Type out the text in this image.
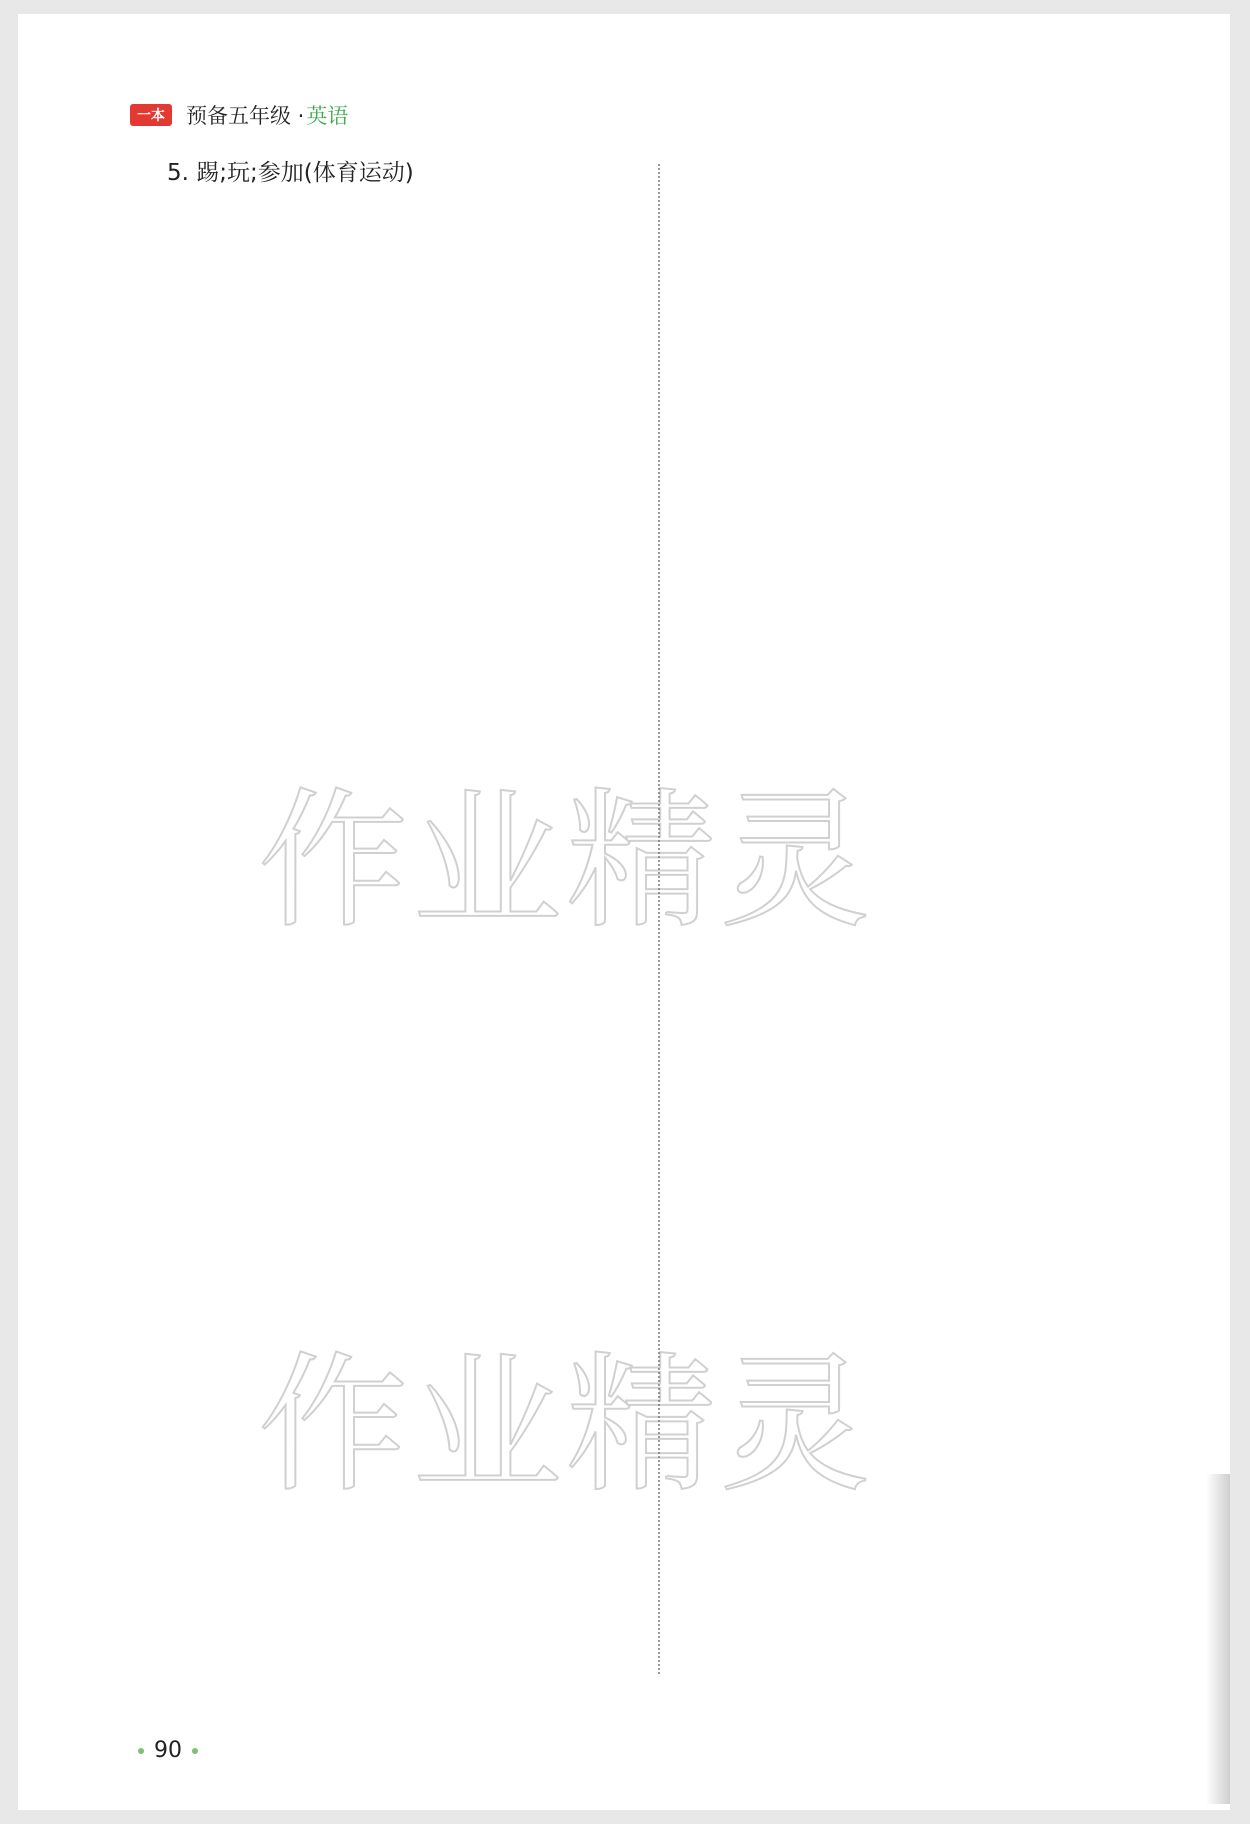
一本	预备五年级 · 英语
5. 踢;玩;参加(体育运动)
作业精灵
作业精灵
90
